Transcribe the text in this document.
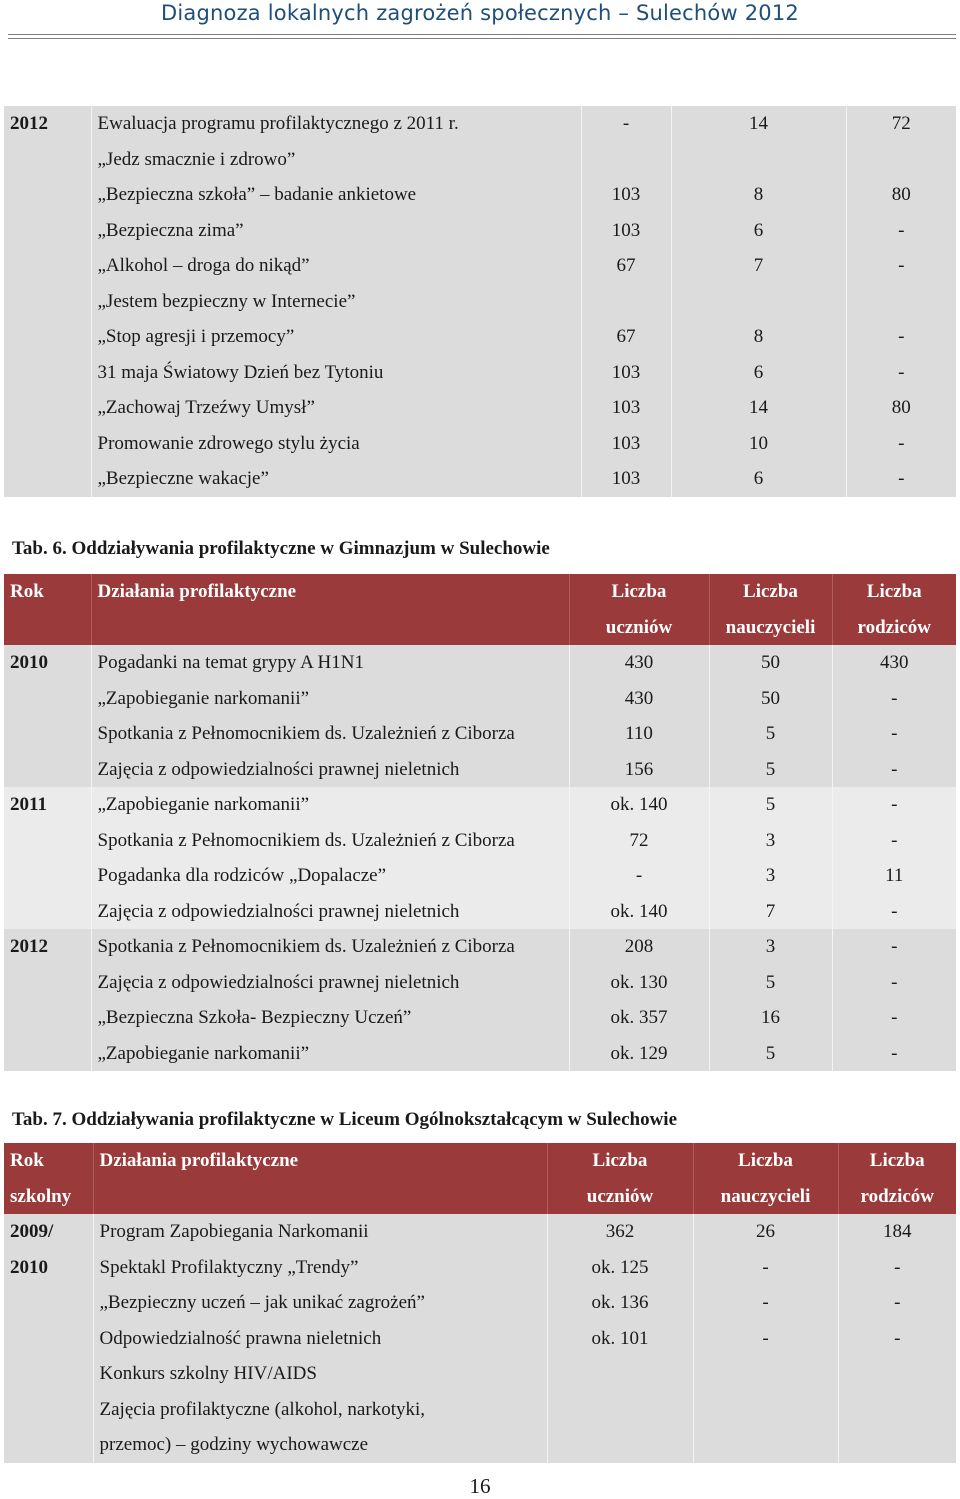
Diagnoza lokalnych zagrożeń społecznych – Sulechów 2012
2012	Ewaluacja programu profilaktycznego z 2011 r.	-	14	72
	„Jedz smacznie i zdrowo”			
	„Bezpieczna szkoła” – badanie ankietowe	103	8	80
	„Bezpieczna zima”	103	6	-
	„Alkohol – droga do nikąd”	67	7	-
	„Jestem bezpieczny w Internecie”			
	„Stop agresji i przemocy”	67	8	-
	31 maja Światowy Dzień bez Tytoniu	103	6	-
	„Zachowaj Trzeźwy Umysł”	103	14	80
	Promowanie zdrowego stylu życia	103	10	-
	„Bezpieczne wakacje”	103	6	-
Tab. 6. Oddziaływania profilaktyczne w Gimnazjum w Sulechowie
Rok	Działania profilaktyczne	Liczba	Liczba	Liczba
		uczniów	nauczycieli	rodziców
2010	Pogadanki na temat grypy A H1N1	430	50	430
	„Zapobieganie narkomanii”	430	50	-
	Spotkania z Pełnomocnikiem ds. Uzależnień z Ciborza	110	5	-
	Zajęcia z odpowiedzialności prawnej nieletnich	156	5	-
2011	„Zapobieganie narkomanii”	ok. 140	5	-
	Spotkania z Pełnomocnikiem ds. Uzależnień z Ciborza	72	3	-
	Pogadanka dla rodziców „Dopalacze”	-	3	11
	Zajęcia z odpowiedzialności prawnej nieletnich	ok. 140	7	-
2012	Spotkania z Pełnomocnikiem ds. Uzależnień z Ciborza	208	3	-
	Zajęcia z odpowiedzialności prawnej nieletnich	ok. 130	5	-
	„Bezpieczna Szkoła- Bezpieczny Uczeń”	ok. 357	16	-
	„Zapobieganie narkomanii”	ok. 129	5	-
Tab. 7. Oddziaływania profilaktyczne w Liceum Ogólnokształcącym w Sulechowie
Rok	Działania profilaktyczne	Liczba	Liczba	Liczba
szkolny		uczniów	nauczycieli	rodziców
2009/	Program Zapobiegania Narkomanii	362	26	184
2010	Spektakl Profilaktyczny „Trendy”	ok. 125	-	-
	„Bezpieczny uczeń – jak unikać zagrożeń”	ok. 136	-	-
	Odpowiedzialność prawna nieletnich	ok. 101	-	-
	Konkurs szkolny HIV/AIDS			
	Zajęcia profilaktyczne (alkohol, narkotyki,			
	przemoc) – godziny wychowawcze			
16
